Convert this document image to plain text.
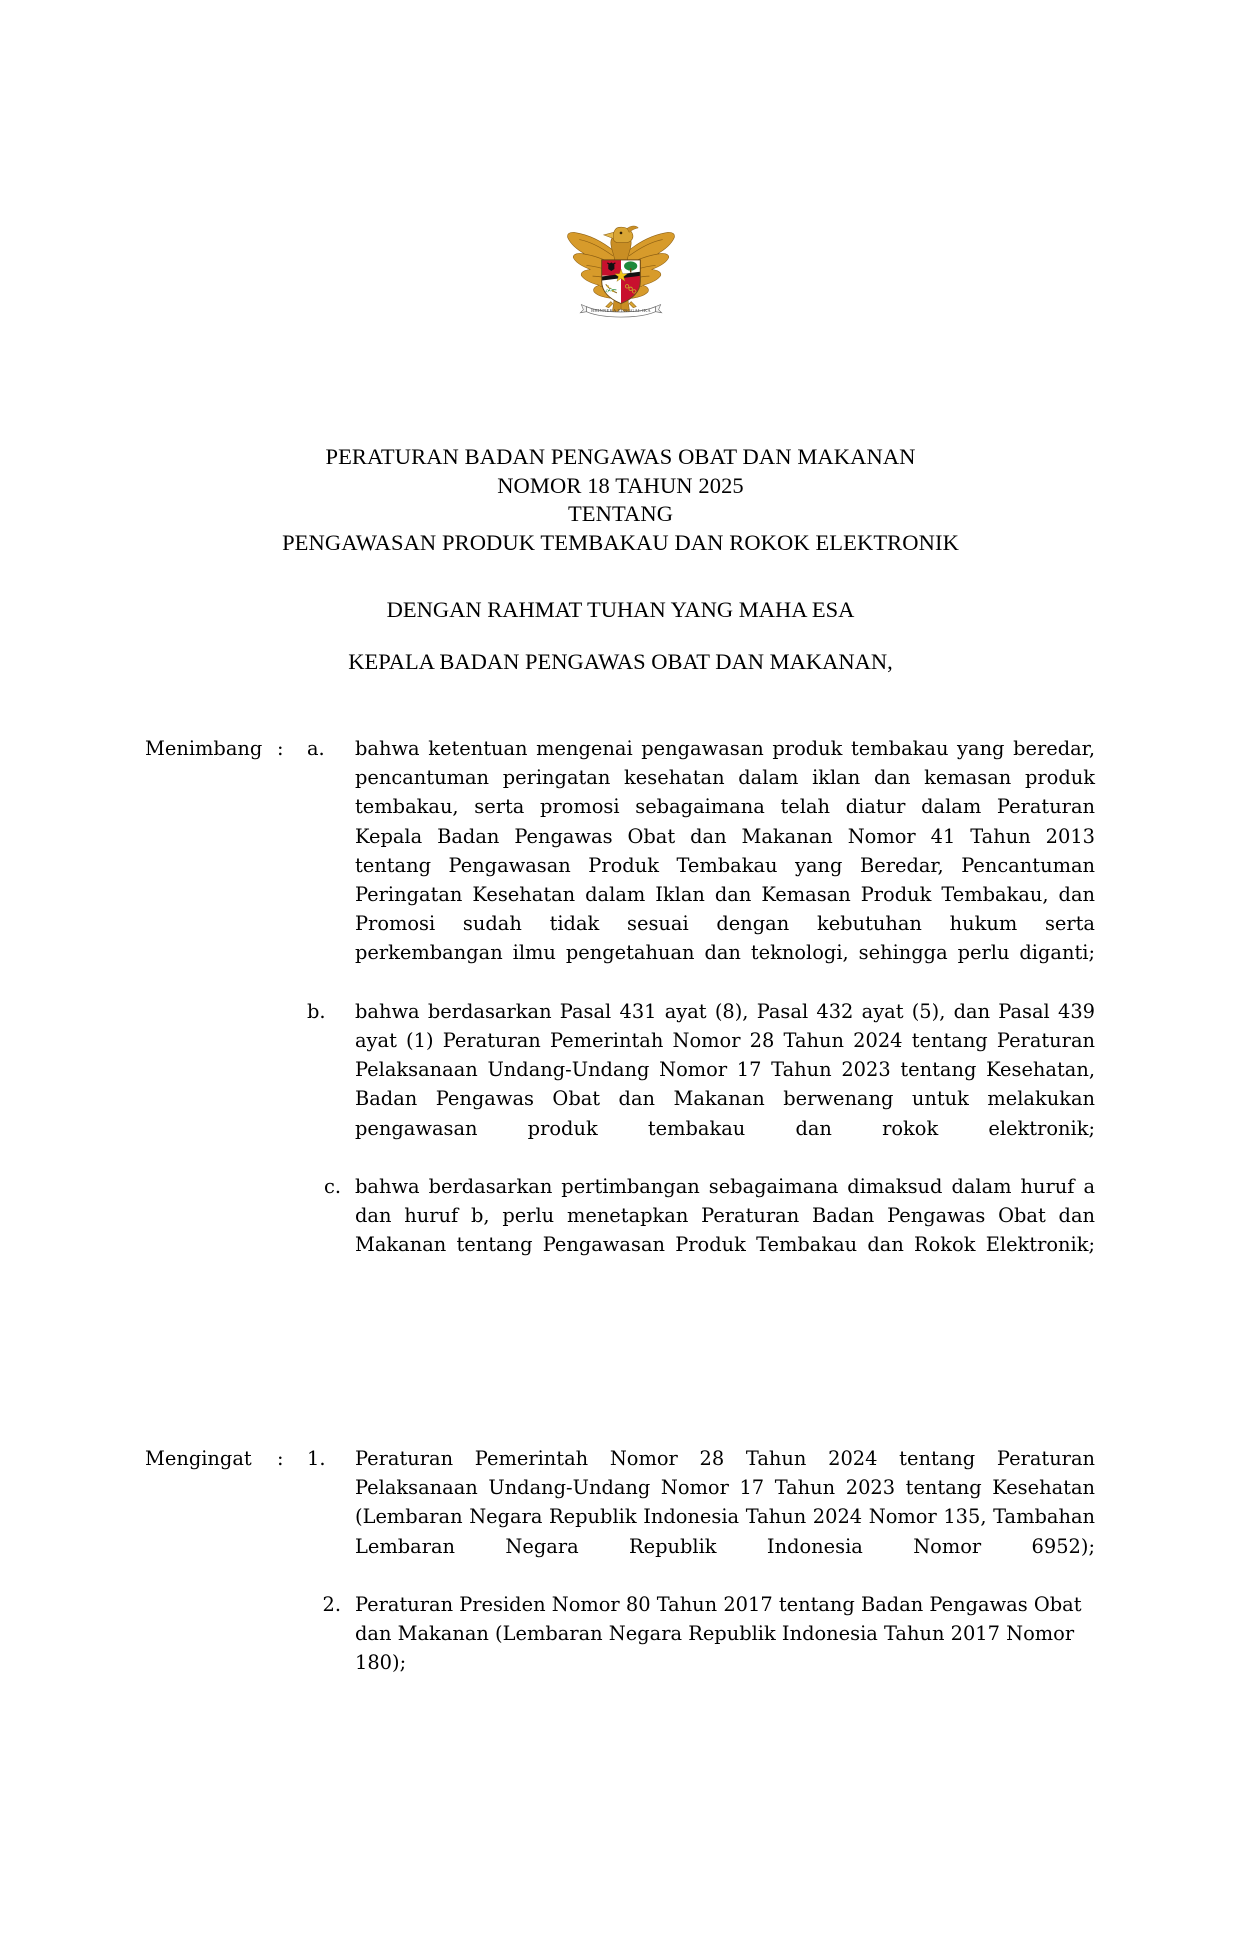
BHINNEKA TUNGGAL IKA
PERATURAN BADAN PENGAWAS OBAT DAN MAKANAN
NOMOR 18 TAHUN 2025
TENTANG
PENGAWASAN PRODUK TEMBAKAU DAN ROKOK ELEKTRONIK
DENGAN RAHMAT TUHAN YANG MAHA ESA
KEPALA BADAN PENGAWAS OBAT DAN MAKANAN,
Menimbang :	a.	bahwa ketentuan mengenai pengawasan produk tembakau yang beredar, pencantuman peringatan kesehatan dalam iklan dan kemasan produk tembakau, serta promosi sebagaimana telah diatur dalam Peraturan Kepala Badan Pengawas Obat dan Makanan Nomor 41 Tahun 2013 tentang Pengawasan Produk Tembakau yang Beredar, Pencantuman Peringatan Kesehatan dalam Iklan dan Kemasan Produk Tembakau, dan Promosi sudah tidak sesuai dengan kebutuhan hukum serta perkembangan ilmu pengetahuan dan teknologi, sehingga perlu diganti;
b.	bahwa berdasarkan Pasal 431 ayat (8), Pasal 432 ayat (5), dan Pasal 439 ayat (1) Peraturan Pemerintah Nomor 28 Tahun 2024 tentang Peraturan Pelaksanaan Undang-Undang Nomor 17 Tahun 2023 tentang Kesehatan, Badan Pengawas Obat dan Makanan berwenang untuk melakukan pengawasan produk tembakau dan rokok elektronik;
c. bahwa berdasarkan pertimbangan sebagaimana dimaksud dalam huruf a dan huruf b, perlu menetapkan Peraturan Badan Pengawas Obat dan Makanan tentang Pengawasan Produk Tembakau dan Rokok Elektronik;
Mengingat	:	1.	Peraturan Pemerintah Nomor 28 Tahun 2024 tentang Peraturan Pelaksanaan Undang-Undang Nomor 17 Tahun 2023 tentang Kesehatan (Lembaran Negara Republik Indonesia Tahun 2024 Nomor 135, Tambahan Lembaran Negara Republik Indonesia Nomor 6952);
2. Peraturan Presiden Nomor 80 Tahun 2017 tentang Badan Pengawas Obat dan Makanan (Lembaran Negara Republik Indonesia Tahun 2017 Nomor 180);
